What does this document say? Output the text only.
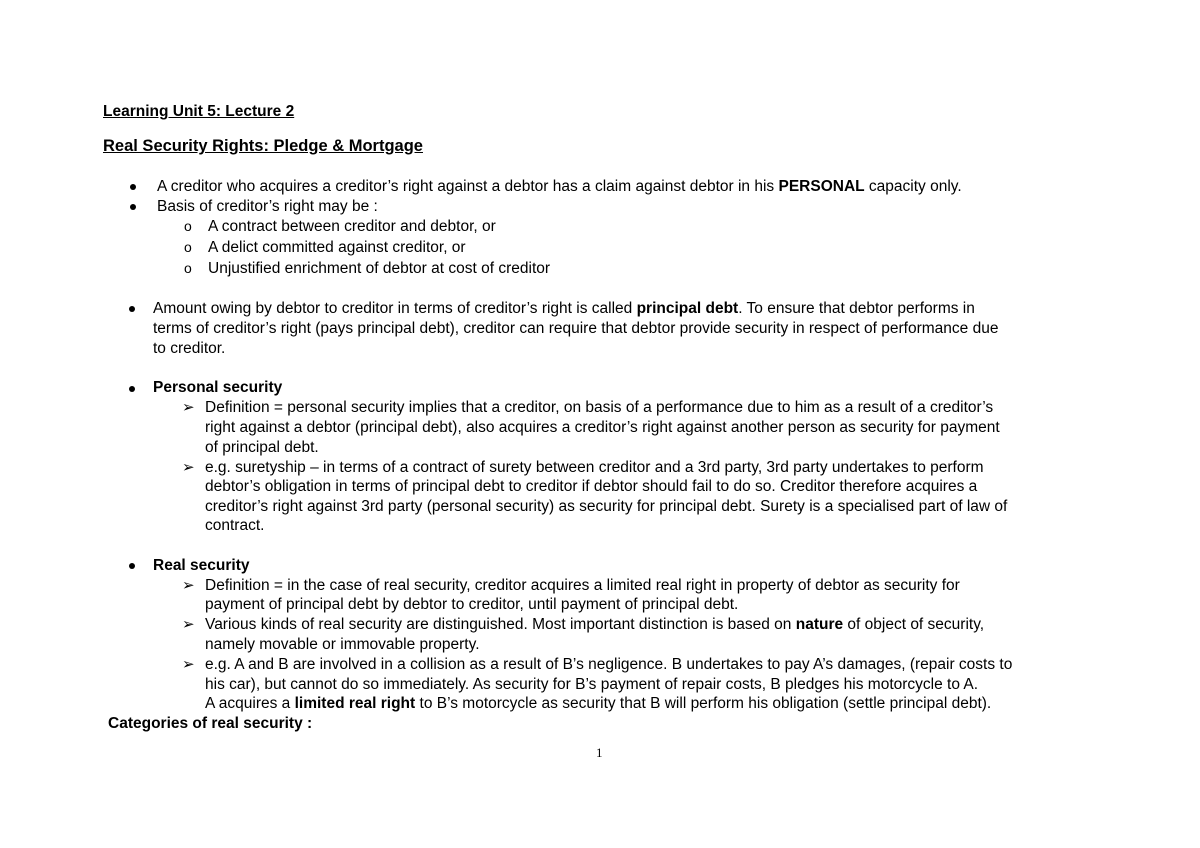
Learning Unit 5: Lecture 2
Real Security Rights: Pledge & Mortgage
A creditor who acquires a creditor’s right against a debtor has a claim against debtor in his PERSONAL capacity only.
Basis of creditor’s right may be :
o A contract between creditor and debtor, or
o A delict committed against creditor, or
o Unjustified enrichment of debtor at cost of creditor
Amount owing by debtor to creditor in terms of creditor’s right is called principal debt. To ensure that debtor performs in
terms of creditor’s right (pays principal debt), creditor can require that debtor provide security in respect of performance due
to creditor.
Personal security
➢ Definition = personal security implies that a creditor, on basis of a performance due to him as a result of a creditor’s
right against a debtor (principal debt), also acquires a creditor’s right against another person as security for payment
of principal debt.
➢ e.g. suretyship – in terms of a contract of surety between creditor and a 3rd party, 3rd party undertakes to perform
debtor’s obligation in terms of principal debt to creditor if debtor should fail to do so. Creditor therefore acquires a
creditor’s right against 3rd party (personal security) as security for principal debt. Surety is a specialised part of law of
contract.
Real security
➢ Definition = in the case of real security, creditor acquires a limited real right in property of debtor as security for
payment of principal debt by debtor to creditor, until payment of principal debt.
➢ Various kinds of real security are distinguished. Most important distinction is based on nature of object of security,
namely movable or immovable property.
➢ e.g. A and B are involved in a collision as a result of B’s negligence. B undertakes to pay A’s damages, (repair costs to
his car), but cannot do so immediately. As security for B’s payment of repair costs, B pledges his motorcycle to A.
A acquires a limited real right to B’s motorcycle as security that B will perform his obligation (settle principal debt).
Categories of real security :
1
